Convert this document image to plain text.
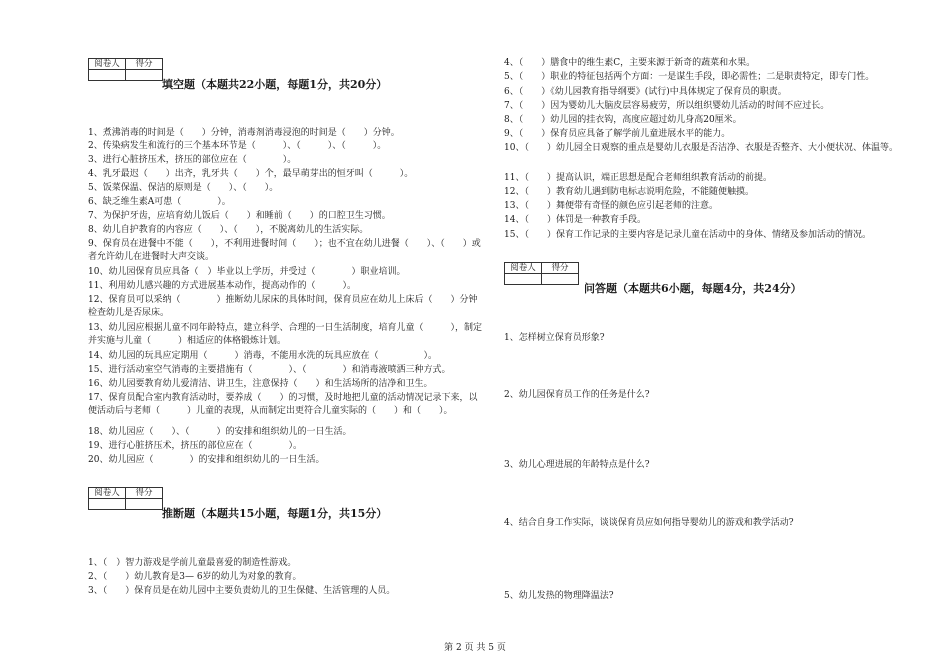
阅卷人	得分

填空题（本题共22小题，每题1分，共20分）
1、煮沸消毒的时间是（　　）分钟，消毒剂消毒浸泡的时间是（　　）分钟。
2、传染病发生和流行的三个基本环节是（　　　）、（　　　）、（　　　）。
3、进行心脏挤压术，挤压的部位应在（　　　　）。
4、乳牙最迟（　　）出齐，乳牙共（　　）个，最早萌芽出的恒牙叫（　　　）。
5、饭菜保温、保洁的原则是（　　）、（　　）。
6、缺乏维生素A可患（　　　　）。
7、为保护牙齿，应培育幼儿饭后（　　）和睡前（　　）的口腔卫生习惯。
8、幼儿自护教育的内容应（　　）、（　　），不脱离幼儿的生活实际。
9、保育员在进餐中不能（　　），不利用进餐时间（　　）；也不宜在幼儿进餐（　　）、（　　）或者允许幼儿在进餐时大声交谈。
10、幼儿园保育员应具备（　）毕业以上学历，并受过（　　　　）职业培训。
11、利用幼儿感兴趣的方式进展基本动作，提高动作的（　　　）。
12、保育员可以采纳（　　　　）推断幼儿尿床的具体时间，保育员应在幼儿上床后（　　）分钟检查幼儿是否尿床。
13、幼儿园应根据儿童不同年龄特点，建立科学、合理的一日生活制度，培育儿童（　　　），制定并实施与儿童（　　　）相适应的体格锻炼计划。
14、幼儿园的玩具应定期用（　　　）消毒，不能用水洗的玩具应放在（　　　　　）。
15、进行活动室空气消毒的主要措施有（　　　　）、（　　　　）和消毒液喷洒三种方式。
16、幼儿园要教育幼儿爱清洁、讲卫生，注意保持（　　）和生活场所的洁净和卫生。
17、保育员配合室内教育活动时，要养成（　　）的习惯，及时地把儿童的活动情况记录下来，以便活动后与老师（　　　）儿童的表现，从而制定出更符合儿童实际的（　　）和（　　）。
18、幼儿园应（　　）、（　　　）的安排和组织幼儿的一日生活。
19、进行心脏挤压术，挤压的部位应在（　　　　）。
20、幼儿园应（　　　　）的安排和组织幼儿的一日生活。
阅卷人	得分

推断题（本题共15小题，每题1分，共15分）
1、（　）智力游戏是学前儿童最喜爱的制造性游戏。
2、（　　）幼儿教育是3— 6岁的幼儿为对象的教育。
3、（　　）保育员是在幼儿园中主要负责幼儿的卫生保健、生活管理的人员。
4、（　　）膳食中的维生素C，主要来源于新奇的蔬菜和水果。
5、（　　）职业的特征包括两个方面：一是谋生手段，即必需性；二是职责特定，即专门性。
6、（　　）《幼儿园教育指导纲要》(试行)中具体规定了保育员的职责。
7、（　　）因为婴幼儿大脑皮层容易疲劳，所以组织婴幼儿活动的时间不应过长。
8、（　　）幼儿园的挂衣钩，高度应超过幼儿身高20厘米。
9、（　　）保育员应具备了解学前儿童进展水平的能力。
10、（　　）幼儿园全日观察的重点是婴幼儿衣服是否洁净、衣服是否整齐、大小便状况、体温等。
11、（　　）提高认识，端正思想是配合老师组织教育活动的前提。
12、（　　）教育幼儿遇到防电标志说明危险，不能随便触摸。
13、（　　）舞便带有奇怪的颜色应引起老师的注意。
14、（　　）体罚是一种教育手段。
15、（　　）保育工作记录的主要内容是记录儿童在活动中的身体、情绪及参加活动的情况。
阅卷人	得分

问答题（本题共6小题，每题4分，共24分）
1、怎样树立保育员形象?
2、幼儿园保育员工作的任务是什么?
3、幼儿心理进展的年龄特点是什么?
4、结合自身工作实际，谈谈保育员应如何指导婴幼儿的游戏和教学活动?
5、幼儿发热的物理降温法?
第 2 页 共 5 页
